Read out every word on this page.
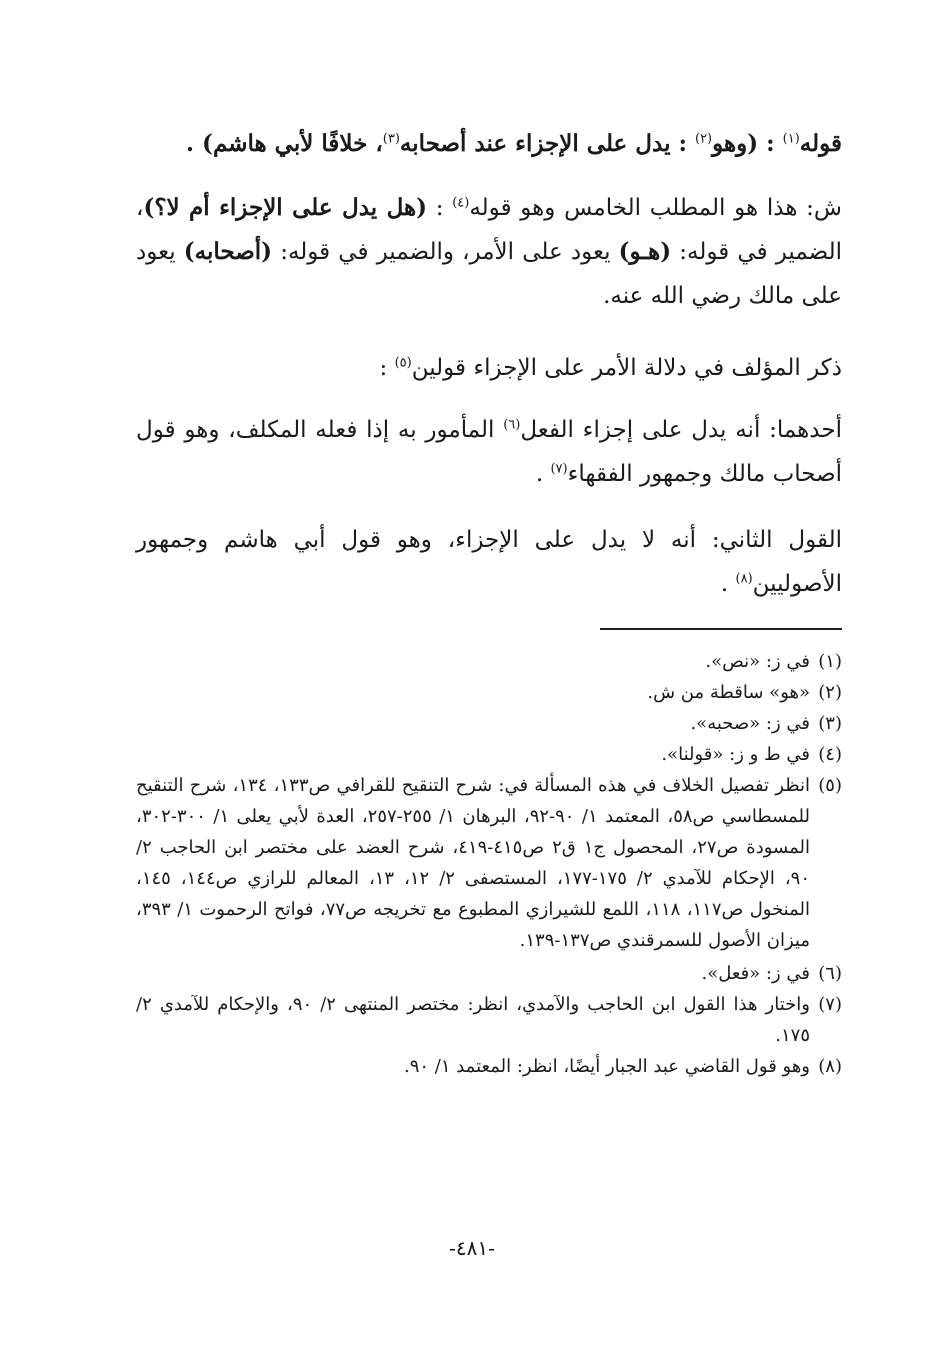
قوله$^{(١)}$ : (وهو$^{(٢)}$ : يدل على الإجزاء عند أصحابه$^{(٣)}$، خلافًا لأبي هاشم) .

ش: هذا هو المطلب الخامس وهو قوله$^{(٤)}$ : (هل يدل على الإجزاء أم لا؟)، الضمير في قوله: (هـو) يعود على الأمر، والضمير في قوله: (أصحابه) يعود على مالك رضي الله عنه.

ذكر المؤلف في دلالة الأمر على الإجزاء قولين$^{(٥)}$ :

أحدهما: أنه يدل على إجزاء الفعل$^{(٦)}$ المأمور به إذا فعله المكلف، وهو قول أصحاب مالك وجمهور الفقهاء$^{(٧)}$ .

القول الثاني: أنه لا يدل على الإجزاء، وهو قول أبي هاشم وجمهور الأصوليين$^{(٨)}$ .

(١)
في ز: «نص».
(٢)
«هو» ساقطة من ش.
(٣)
في ز: «صحبه».
(٤)
في ط و ز: «قولنا».
(٥)
انظر تفصيل الخلاف في هذه المسألة في: شرح التنقيح للقرافي ص١٣٣، ١٣٤، شرح التنقيح للمسطاسي ص٥٨، المعتمد ١/ ٩٠-٩٢، البرهان ١/ ٢٥٥-٢٥٧، العدة لأبي يعلى ١/ ٣٠٠-٣٠٢، المسودة ص٢٧، المحصول ج١ ق٢ ص٤١٥-٤١٩، شرح العضد على مختصر ابن الحاجب ٢/ ٩٠، الإحكام للآمدي ٢/ ١٧٥-١٧٧، المستصفى ٢/ ١٢، ١٣، المعالم للرازي ص١٤٤، ١٤٥، المنخول ص١١٧، ١١٨، اللمع للشيرازي المطبوع مع تخريجه ص٧٧، فواتح الرحموت ١/ ٣٩٣، ميزان الأصول للسمرقندي ص١٣٧-١٣٩.
(٦)
في ز: «فعل».
(٧)
واختار هذا القول ابن الحاجب والآمدي، انظر: مختصر المنتهى ٢/ ٩٠، والإحكام للآمدي ٢/ ١٧٥.
(٨)
وهو قول القاضي عبد الجبار أيضًا، انظر: المعتمد ١/ ٩٠.
-٤٨١-
